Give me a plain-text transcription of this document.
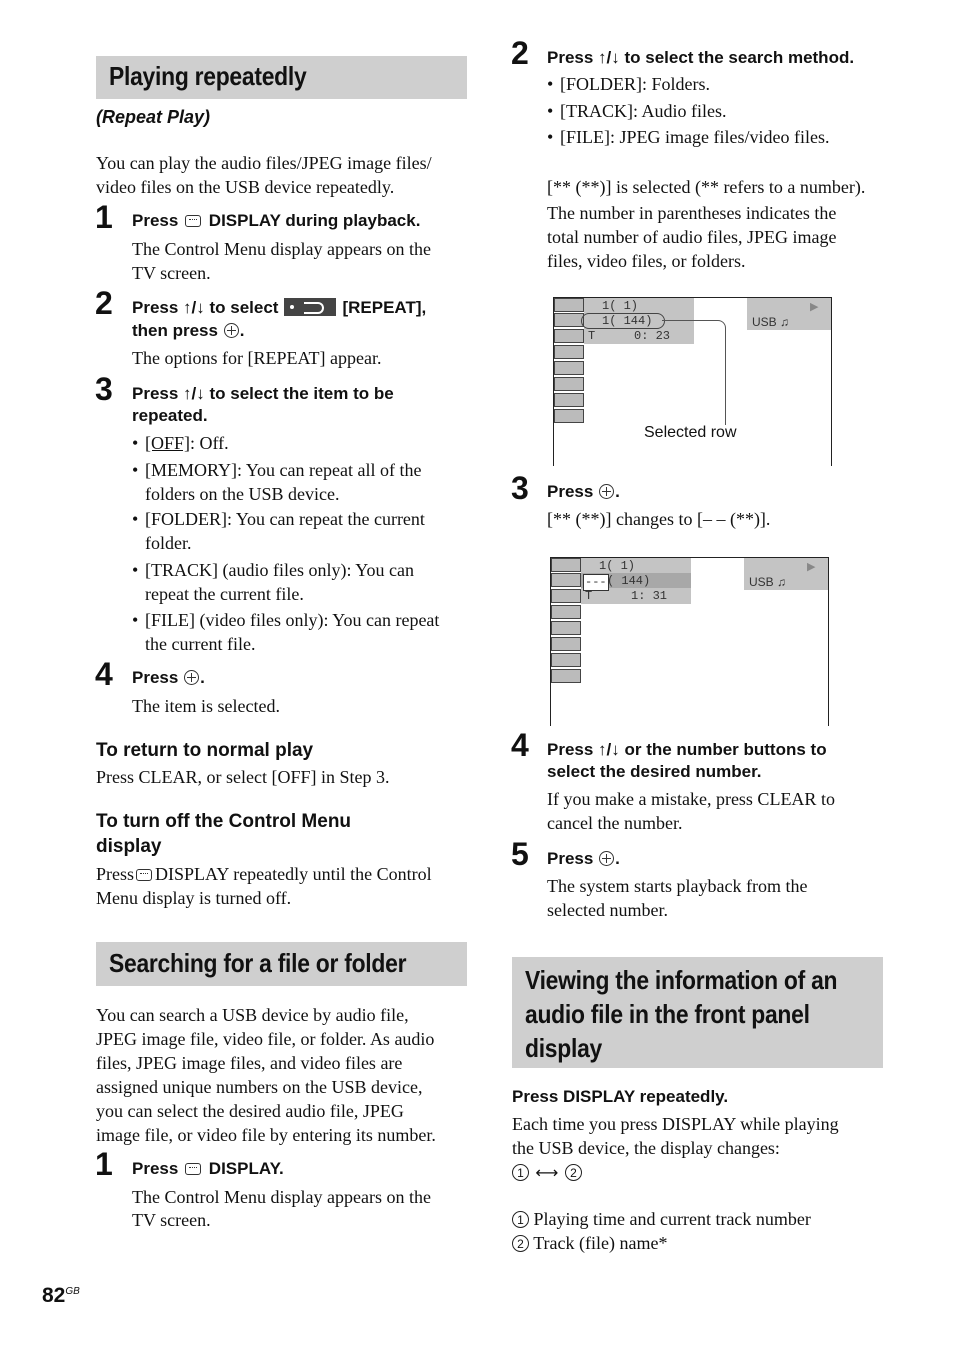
Playing repeatedly
(Repeat Play)
You can play the audio files/JPEG image files/
video files on the USB device repeatedly.
1 Press DISPLAY during playback.
The Control Menu display appears on the
TV screen.
2 Press ↑/↓ to select	[REPEAT],
then press .
The options for [REPEAT] appear.
3 Press ↑/↓ to select the item to be
repeated.
• [OFF]: Off.
• [MEMORY]: You can repeat all of the
folders on the USB device.
• [FOLDER]: You can repeat the current
folder.
• [TRACK] (audio files only): You can
repeat the current file.
• [FILE] (video files only): You can repeat
the current file.
4 Press .
The item is selected.
To return to normal play
Press CLEAR, or select [OFF] in Step 3.
To turn off the Control Menu
display
Press DISPLAY repeatedly until the Control
Menu display is turned off.
Searching for a file or folder
You can search a USB device by audio file,
JPEG image file, video file, or folder. As audio
files, JPEG image files, and video files are
assigned unique numbers on the USB device,
you can select the desired audio file, JPEG
image file, or video file by entering its number.
1 Press DISPLAY.
The Control Menu display appears on the
TV screen.
$82^{GB}$
2 Press ↑/↓ to select the search method.
• [FOLDER]: Folders.
• [TRACK]: Audio files.
• [FILE]: JPEG image files/video files.
[** (**)] is selected (** refers to a number).
The number in parentheses indicates the
total number of audio files, JPEG image
files, video files, or folders.
1( 1)
1( 144)
T	0: 23
USB ♫
▶
Selected row
3 Press .
[** (**)] changes to [– – (**)].
1( 1)
--- ( 144)
T	1: 31
USB ♫
▶
4 Press ↑/↓ or the number buttons to
select the desired number.
If you make a mistake, press CLEAR to
cancel the number.
5 Press .
The system starts playback from the
selected number.
Viewing the information of an
audio file in the front panel
display
Press DISPLAY repeatedly.
Each time you press DISPLAY while playing
the USB device, the display changes:
1 ⟷ 2
1 Playing time and current track number
2 Track (file) name*
